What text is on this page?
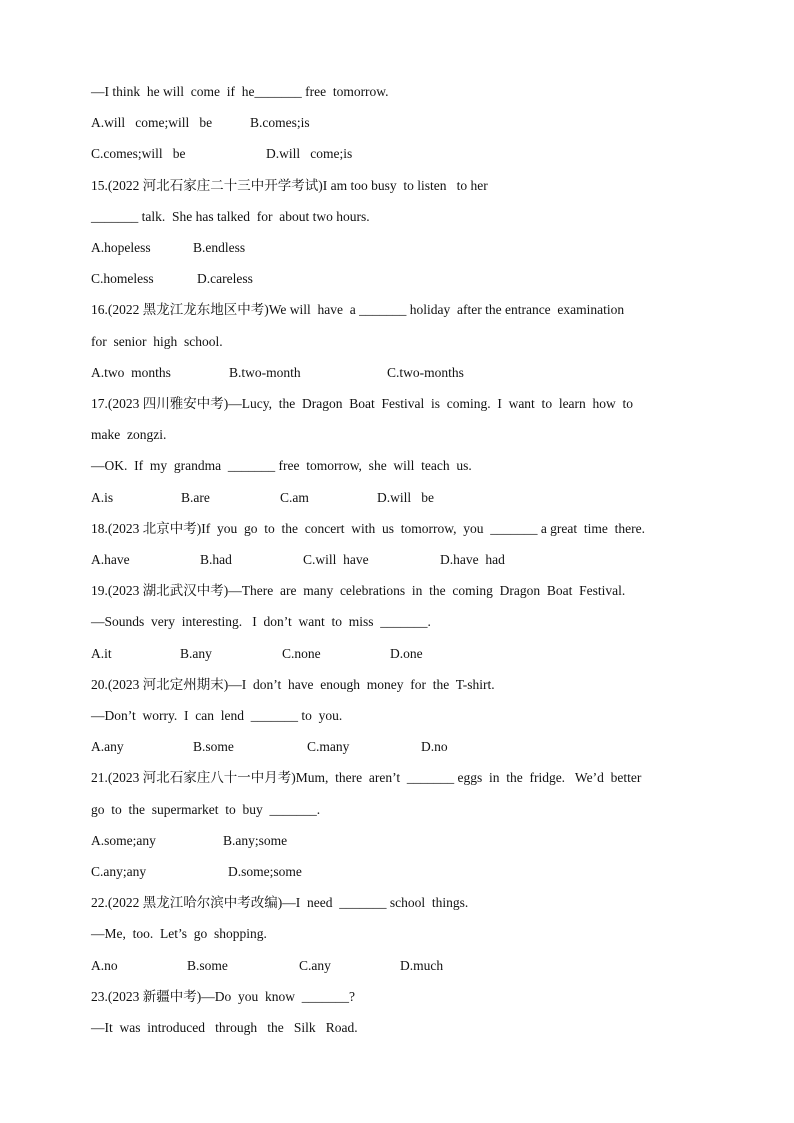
—I think  he will  come  if  he_______ free  tomorrow.
A.will   come;will   be	B.comes;is
C.comes;will   be	D.will   come;is
15.(2022 河北石家庄二十三中开学考试)I am too busy  to listen   to her
_______ talk.  She has talked  for  about two hours.
A.hopeless	B.endless
C.homeless	D.careless
16.(2022 黑龙江龙东地区中考)We will  have  a _______ holiday  after the entrance  examination
for  senior  high  school.
A.two  months	B.two-month	C.two-months
17.(2023 四川雅安中考)—Lucy,  the  Dragon  Boat  Festival  is  coming.  I  want  to  learn  how  to
make  zongzi.
—OK.  If  my  grandma  _______ free  tomorrow,  she  will  teach  us.
A.is	B.are	C.am	D.will   be
18.(2023 北京中考)If  you  go  to  the  concert  with  us  tomorrow,  you  _______ a great  time  there.
A.have	B.had	C.will  have	D.have  had
19.(2023 湖北武汉中考)—There  are  many  celebrations  in  the  coming  Dragon  Boat  Festival.
—Sounds  very  interesting.   I  don’t  want  to  miss  _______.
A.it	B.any	C.none	D.one
20.(2023 河北定州期末)—I  don’t  have  enough  money  for  the  T-shirt.
—Don’t  worry.  I  can  lend  _______ to  you.
A.any	B.some	C.many	D.no
21.(2023 河北石家庄八十一中月考)Mum,  there  aren’t  _______ eggs  in  the  fridge.   We’d  better
go  to  the  supermarket  to  buy  _______.
A.some;any	B.any;some
C.any;any	D.some;some
22.(2022 黑龙江哈尔滨中考改编)—I  need  _______ school  things.
—Me,  too.  Let’s  go  shopping.
A.no	B.some	C.any	D.much
23.(2023 新疆中考)—Do  you  know  _______?
—It  was  introduced   through   the   Silk   Road.
